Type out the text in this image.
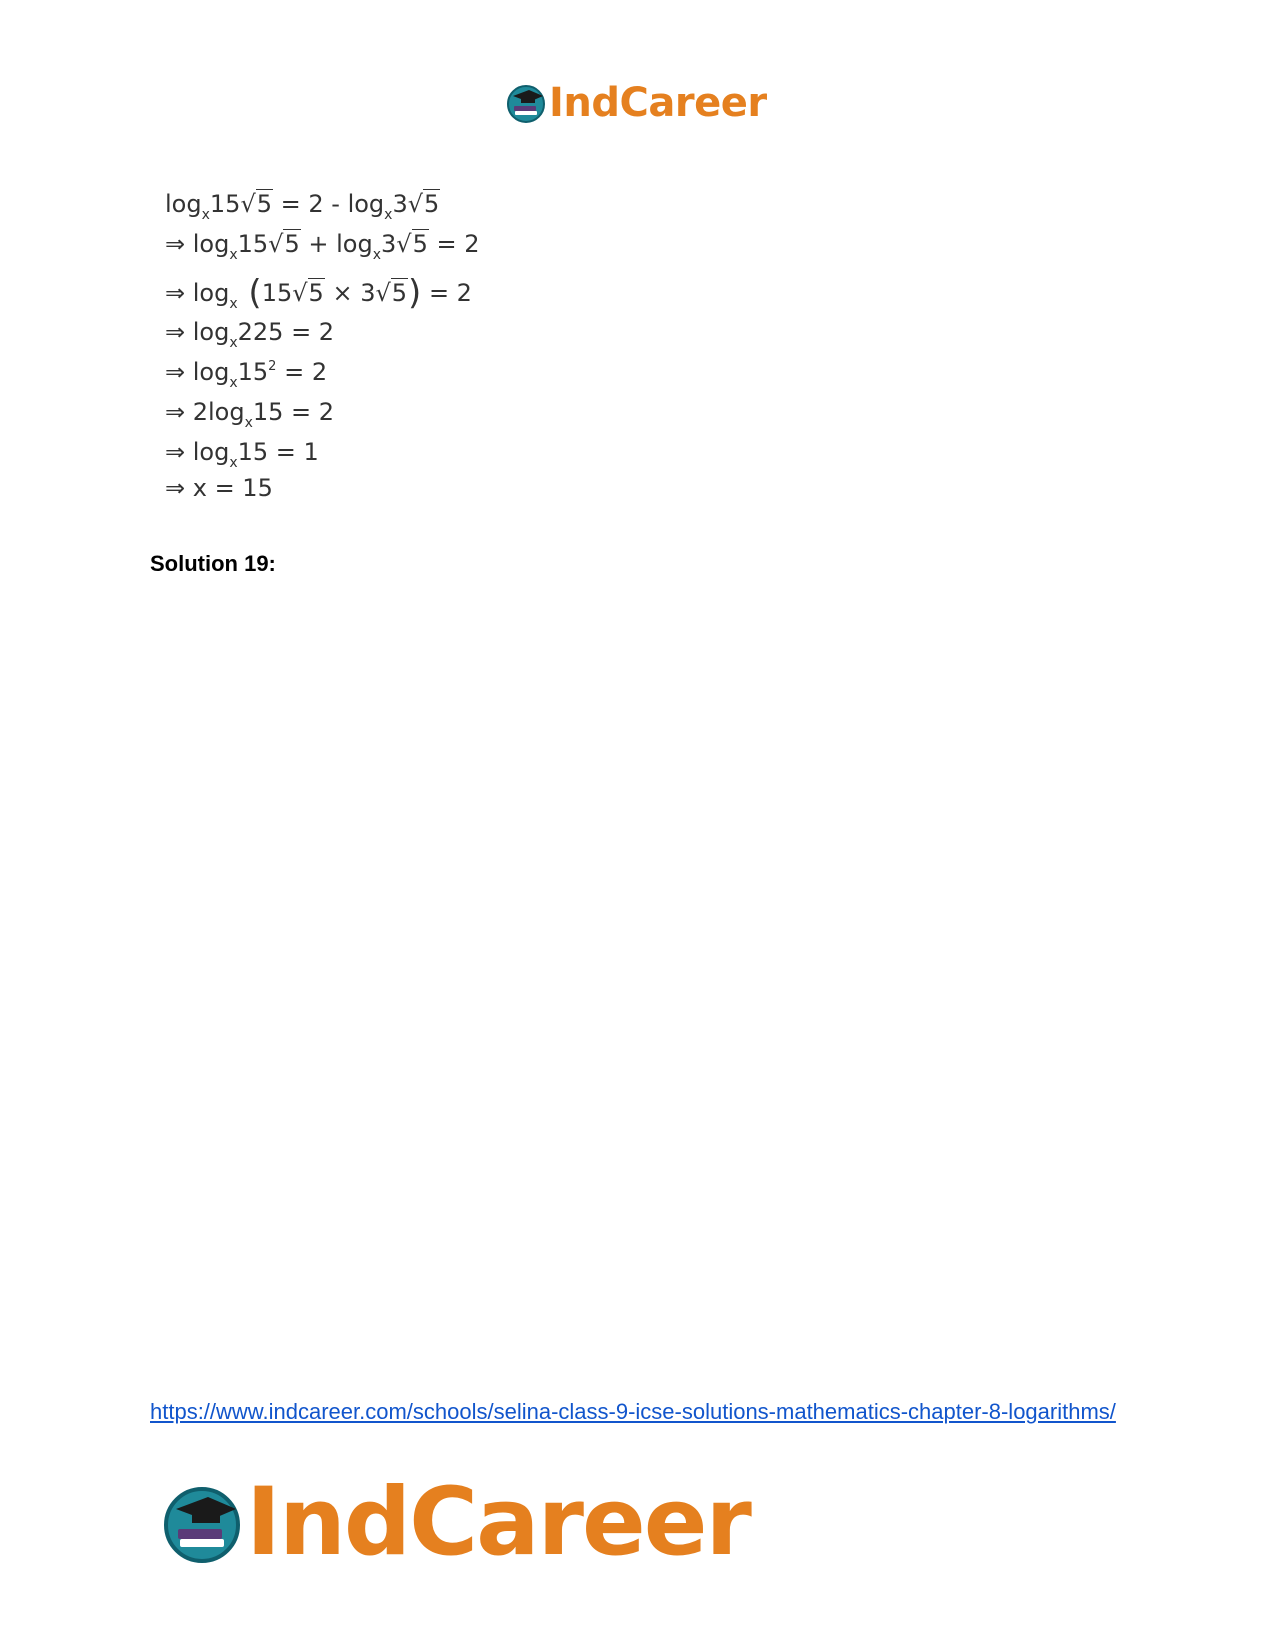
IndCareer
$\log_x15√5 = 2 - \log_x3√5$
⇒ $\log_x15√5 + \log_x3√5 = 2$
⇒ $\log_x (15√5 \times 3√5) = 2$
⇒ $\log_x225 = 2$
⇒ $\log_x15^2 = 2$
⇒ $2\log_x15 = 2$
⇒ $\log_x15 = 1$
⇒ x = 15
Solution 19:
https://www.indcareer.com/schools/selina-class-9-icse-solutions-mathematics-chapter-8-logarithms/
IndCareer
